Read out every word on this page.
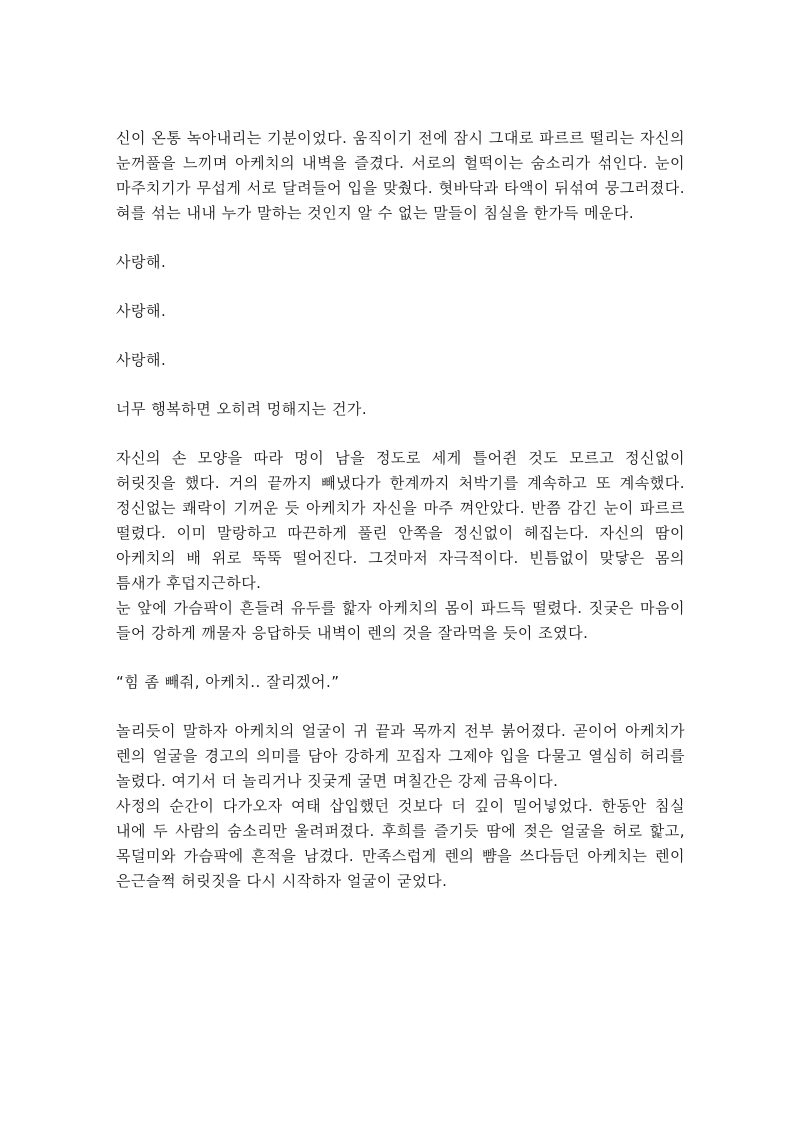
신이 온통 녹아내리는 기분이었다. 움직이기 전에 잠시 그대로 파르르 떨리는 자신의 눈꺼풀을 느끼며 아케치의 내벽을 즐겼다. 서로의 헐떡이는 숨소리가 섞인다. 눈이 마주치기가 무섭게 서로 달려들어 입을 맞췄다. 혓바닥과 타액이 뒤섞여 뭉그러졌다. 혀를 섞는 내내 누가 말하는 것인지 알 수 없는 말들이 침실을 한가득 메운다.

사랑해.

사랑해.

사랑해.

너무 행복하면 오히려 멍해지는 건가.

자신의 손 모양을 따라 멍이 남을 정도로 세게 틀어쥔 것도 모르고 정신없이 허릿짓을 했다. 거의 끝까지 빼냈다가 한계까지 처박기를 계속하고 또 계속했다. 정신없는 쾌락이 기꺼운 듯 아케치가 자신을 마주 껴안았다. 반쯤 감긴 눈이 파르르 떨렸다. 이미 말랑하고 따끈하게 풀린 안쪽을 정신없이 헤집는다. 자신의 땀이 아케치의 배 위로 뚝뚝 떨어진다. 그것마저 자극적이다. 빈틈없이 맞닿은 몸의 틈새가 후덥지근하다.

눈 앞에 가슴팍이 흔들려 유두를 핥자 아케치의 몸이 파드득 떨렸다. 짓궂은 마음이 들어 강하게 깨물자 응답하듯 내벽이 렌의 것을 잘라먹을 듯이 조였다.

“힘 좀 빼줘, 아케치.. 잘리겠어.”

놀리듯이 말하자 아케치의 얼굴이 귀 끝과 목까지 전부 붉어졌다. 곧이어 아케치가 렌의 얼굴을 경고의 의미를 담아 강하게 꼬집자 그제야 입을 다물고 열심히 허리를 놀렸다. 여기서 더 놀리거나 짓궂게 굴면 며칠간은 강제 금욕이다.

사정의 순간이 다가오자 여태 삽입했던 것보다 더 깊이 밀어넣었다. 한동안 침실 내에 두 사람의 숨소리만 울려퍼졌다. 후희를 즐기듯 땀에 젖은 얼굴을 허로 핥고, 목덜미와 가슴팍에 흔적을 남겼다. 만족스럽게 렌의 뺨을 쓰다듬던 아케치는 렌이 은근슬쩍 허릿짓을 다시 시작하자 얼굴이 굳었다.
